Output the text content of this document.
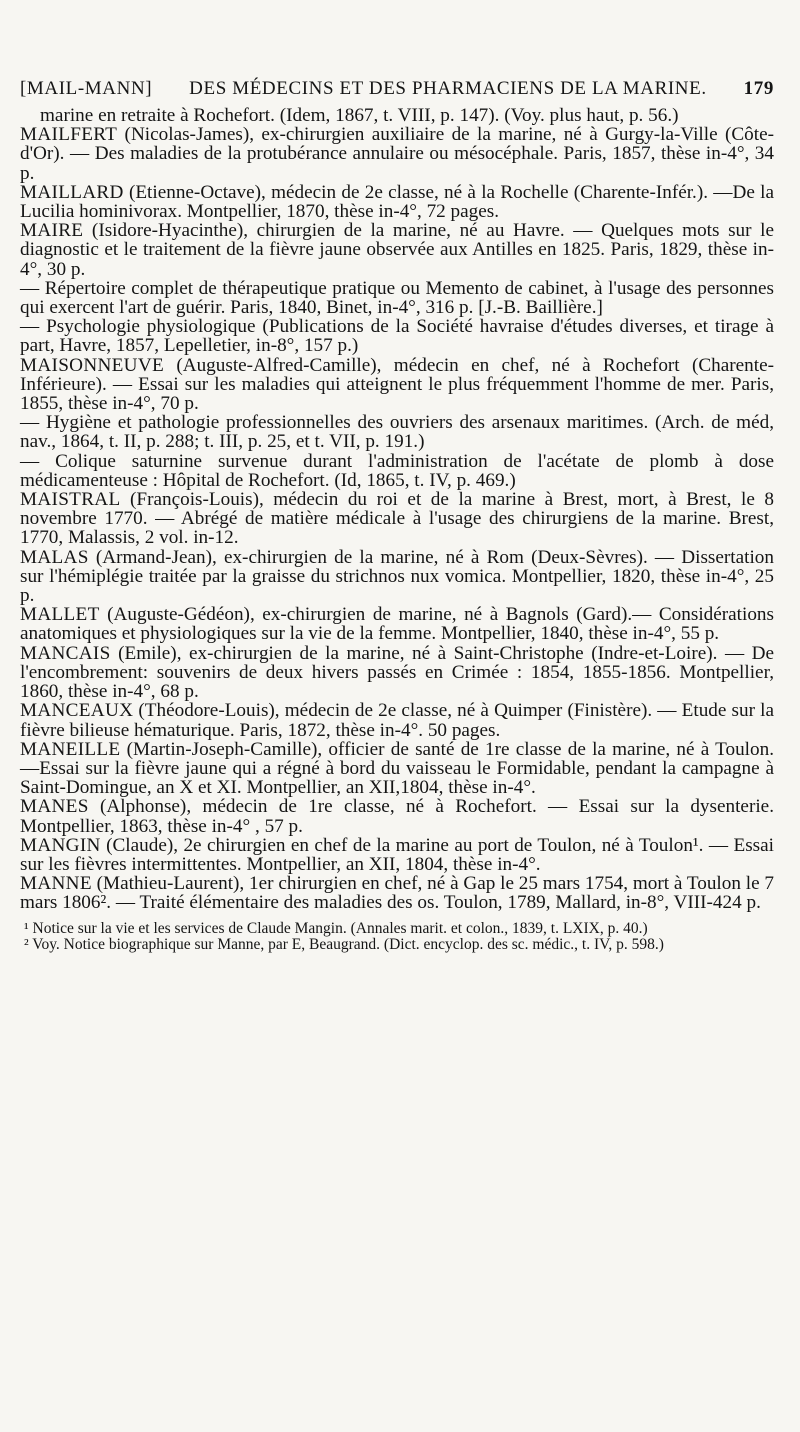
[MAIL-MANN] DES MÉDECINS ET DES PHARMACIENS DE LA MARINE. 179

marine en retraite à Rochefort. (Idem, 1867, t. VIII, p. 147). (Voy. plus haut, p. 56.)

MAILFERT (Nicolas-James), ex-chirurgien auxiliaire de la marine, né à Gurgy-la-Ville (Côte-d'Or). — Des maladies de la protubérance annulaire ou mésocéphale. Paris, 1857, thèse in-4°, 34 p.

MAILLARD (Etienne-Octave), médecin de 2e classe, né à la Rochelle (Charente-Infér.). —De la Lucilia hominivorax. Montpellier, 1870, thèse in-4°, 72 pages.

MAIRE (Isidore-Hyacinthe), chirurgien de la marine, né au Havre. — Quelques mots sur le diagnostic et le traitement de la fièvre jaune observée aux Antilles en 1825. Paris, 1829, thèse in-4°, 30 p.

— Répertoire complet de thérapeutique pratique ou Memento de cabinet, à l'usage des personnes qui exercent l'art de guérir. Paris, 1840, Binet, in-4°, 316 p. [J.-B. Baillière.]

— Psychologie physiologique (Publications de la Société havraise d'études diverses, et tirage à part, Havre, 1857, Lepelletier, in-8°, 157 p.)

MAISONNEUVE (Auguste-Alfred-Camille), médecin en chef, né à Rochefort (Charente-Inférieure). — Essai sur les maladies qui atteignent le plus fréquemment l'homme de mer. Paris, 1855, thèse in-4°, 70 p.

— Hygiène et pathologie professionnelles des ouvriers des arsenaux maritimes. (Arch. de méd, nav., 1864, t. II, p. 288; t. III, p. 25, et t. VII, p. 191.)

— Colique saturnine survenue durant l'administration de l'acétate de plomb à dose médicamenteuse : Hôpital de Rochefort. (Id, 1865, t. IV, p. 469.)

MAISTRAL (François-Louis), médecin du roi et de la marine à Brest, mort, à Brest, le 8 novembre 1770. — Abrégé de matière médicale à l'usage des chirurgiens de la marine. Brest, 1770, Malassis, 2 vol. in-12.

MALAS (Armand-Jean), ex-chirurgien de la marine, né à Rom (Deux-Sèvres). — Dissertation sur l'hémiplégie traitée par la graisse du strichnos nux vomica. Montpellier, 1820, thèse in-4°, 25 p.

MALLET (Auguste-Gédéon), ex-chirurgien de marine, né à Bagnols (Gard).— Considérations anatomiques et physiologiques sur la vie de la femme. Montpellier, 1840, thèse in-4°, 55 p.

MANCAIS (Emile), ex-chirurgien de la marine, né à Saint-Christophe (Indre-et-Loire). — De l'encombrement: souvenirs de deux hivers passés en Crimée : 1854, 1855-1856. Montpellier, 1860, thèse in-4°, 68 p.

MANCEAUX (Théodore-Louis), médecin de 2e classe, né à Quimper (Finistère). — Etude sur la fièvre bilieuse hématurique. Paris, 1872, thèse in-4°. 50 pages.

MANEILLE (Martin-Joseph-Camille), officier de santé de 1re classe de la marine, né à Toulon. —Essai sur la fièvre jaune qui a régné à bord du vaisseau le Formidable, pendant la campagne à Saint-Domingue, an X et XI. Montpellier, an XII,1804, thèse in-4°.

MANES (Alphonse), médecin de 1re classe, né à Rochefort. — Essai sur la dysenterie. Montpellier, 1863, thèse in-4° , 57 p.

MANGIN (Claude), 2e chirurgien en chef de la marine au port de Toulon, né à Toulon¹. — Essai sur les fièvres intermittentes. Montpellier, an XII, 1804, thèse in-4°.

MANNE (Mathieu-Laurent), 1er chirurgien en chef, né à Gap le 25 mars 1754, mort à Toulon le 7 mars 1806². — Traité élémentaire des maladies des os. Toulon, 1789, Mallard, in-8°, VIII-424 p.

¹ Notice sur la vie et les services de Claude Mangin. (Annales marit. et colon., 1839, t. LXIX, p. 40.)

² Voy. Notice biographique sur Manne, par E, Beaugrand. (Dict. encyclop. des sc. médic., t. IV, p. 598.)
